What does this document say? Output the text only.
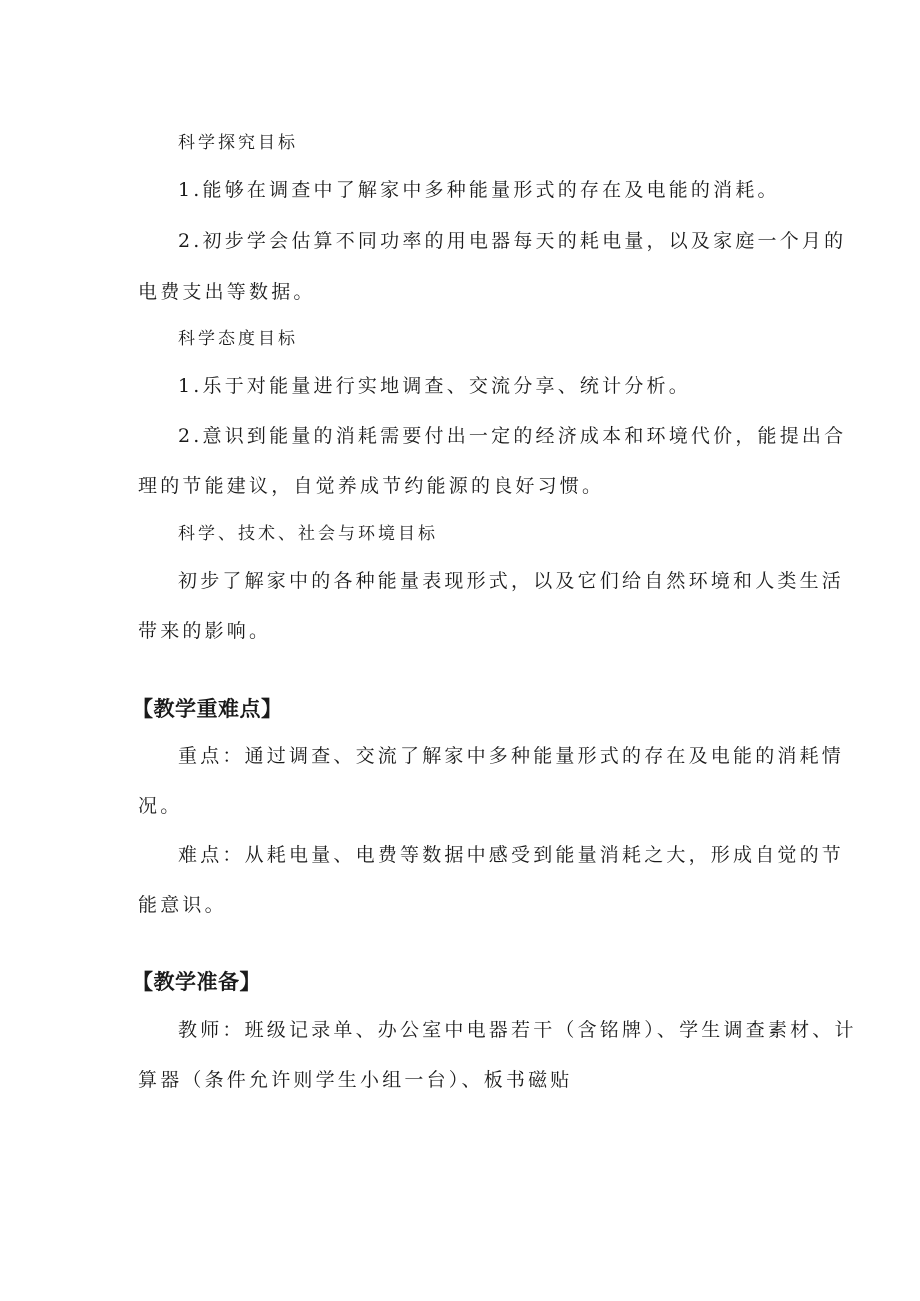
科学探究目标
1.能够在调查中了解家中多种能量形式的存在及电能的消耗。
2.初步学会估算不同功率的用电器每天的耗电量，以及家庭一个月的
电费支出等数据。
科学态度目标
1.乐于对能量进行实地调查、交流分享、统计分析。
2.意识到能量的消耗需要付出一定的经济成本和环境代价，能提出合
理的节能建议，自觉养成节约能源的良好习惯。
科学、技术、社会与环境目标
初步了解家中的各种能量表现形式，以及它们给自然环境和人类生活
带来的影响。
【教学重难点】
重点：通过调查、交流了解家中多种能量形式的存在及电能的消耗情
况。
难点：从耗电量、电费等数据中感受到能量消耗之大，形成自觉的节
能意识。
【教学准备】
教师：班级记录单、办公室中电器若干（含铭牌）、学生调查素材、计
算器（条件允许则学生小组一台）、板书磁贴
